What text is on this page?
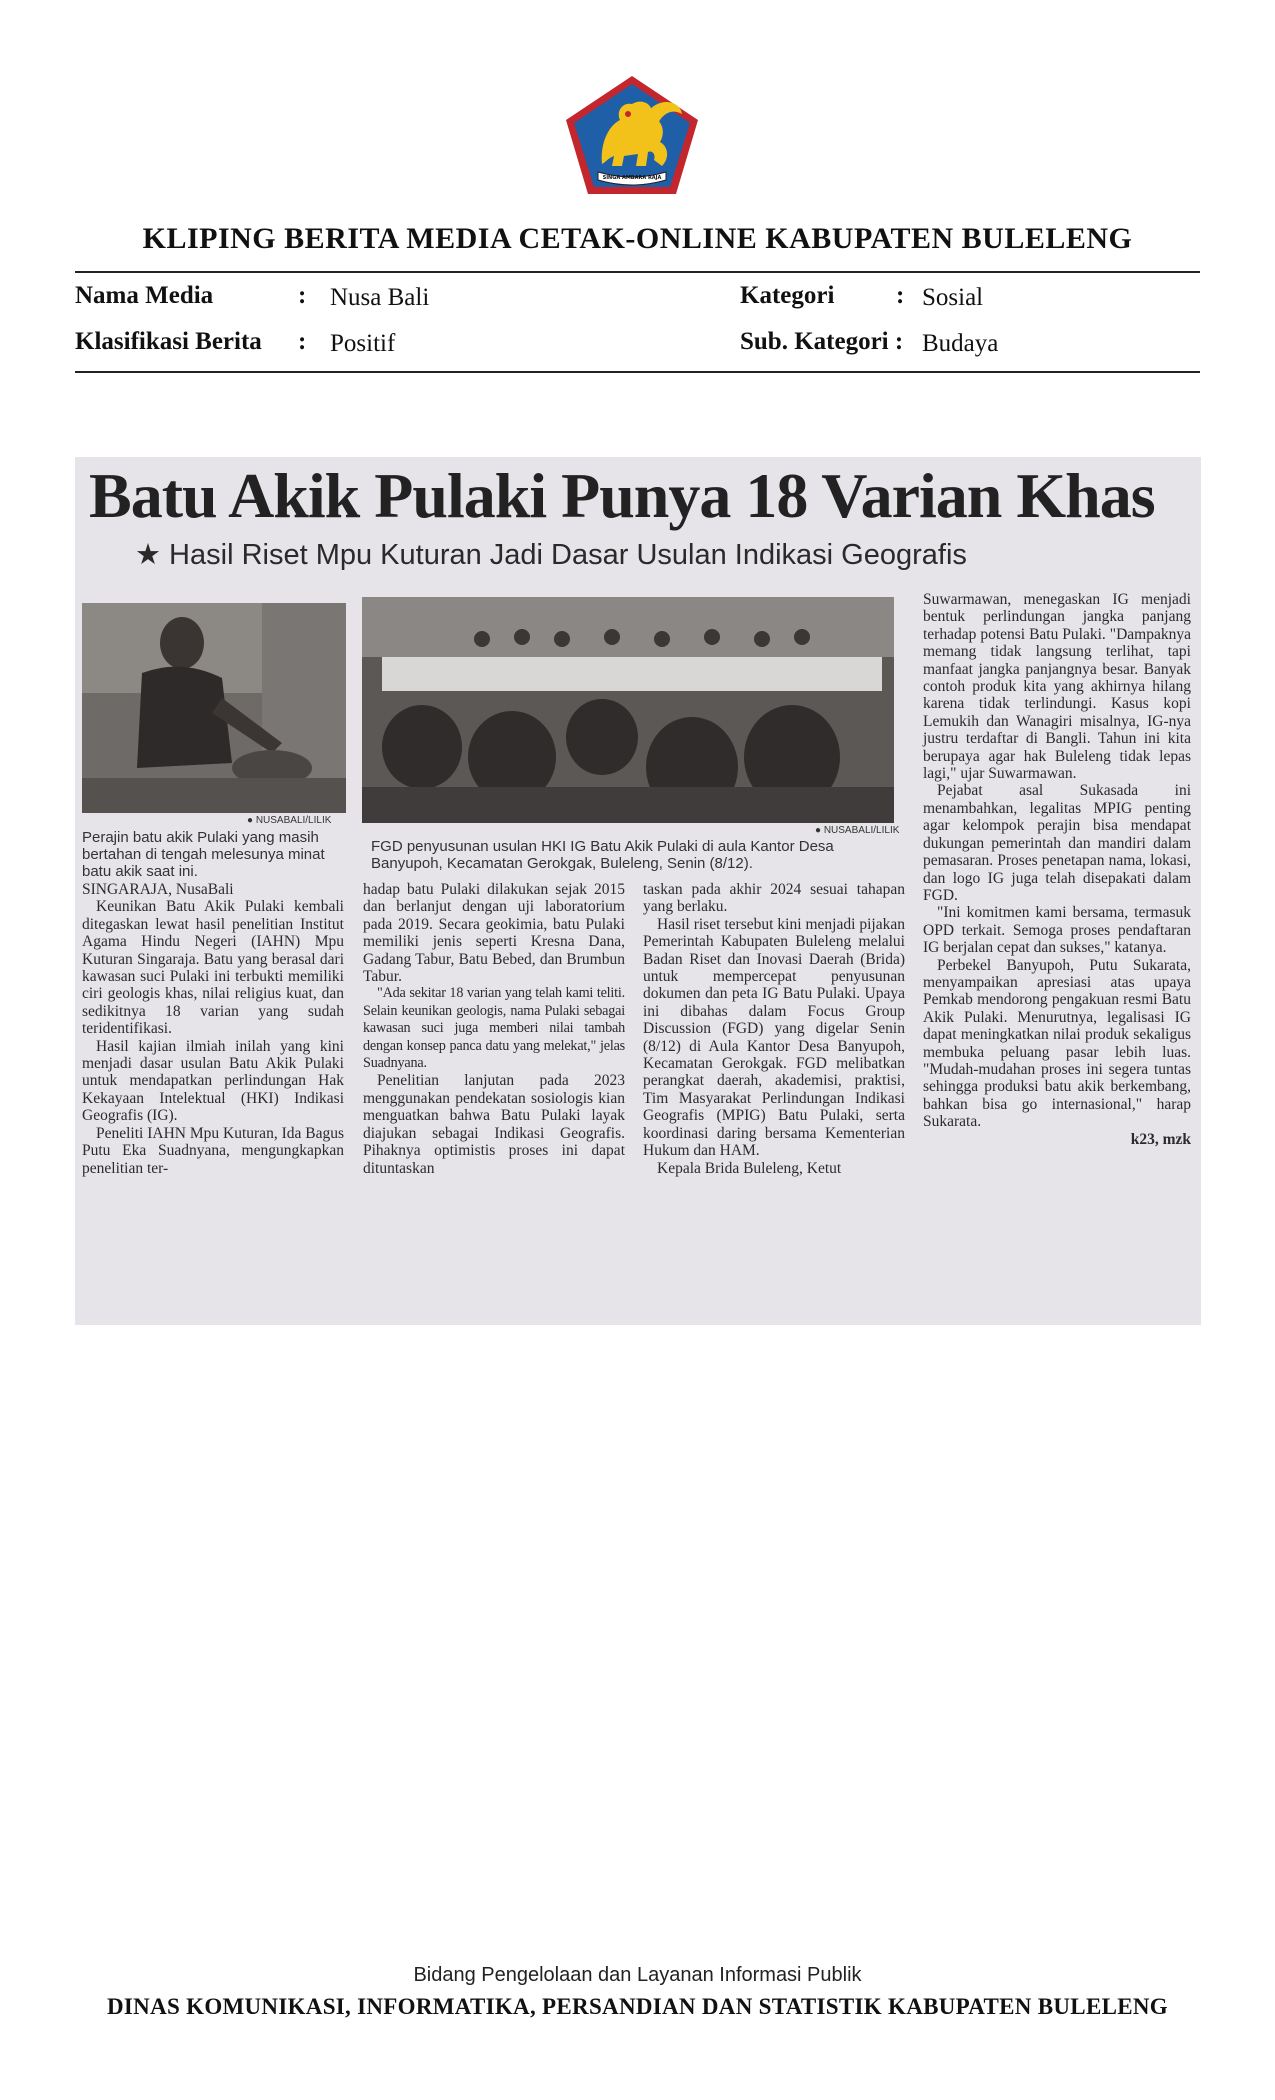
SINGA AMBARA RAJA
KLIPING BERITA MEDIA CETAK-ONLINE KABUPATEN BULELENG
Nama Media	: Nusa Bali	Kategori : Sosial
Klasifikasi Berita : Positif	Sub. Kategori : Budaya
Batu Akik Pulaki Punya 18 Varian Khas
★ Hasil Riset Mpu Kuturan Jadi Dasar Usulan Indikasi Geografis
● NUSABALI/LILIK
Perajin batu akik Pulaki yang masih bertahan di tengah melesunya minat batu akik saat ini.
● NUSABALI/LILIK
FGD penyusunan usulan HKI IG Batu Akik Pulaki di aula Kantor Desa Banyupoh, Kecamatan Gerokgak, Buleleng, Senin (8/12).

SINGARAJA, NusaBali

Keunikan Batu Akik Pulaki kembali ditegaskan lewat hasil penelitian Institut Agama Hindu Negeri (IAHN) Mpu Kuturan Singaraja. Batu yang berasal dari kawasan suci Pulaki ini terbukti memiliki ciri geologis khas, nilai religius kuat, dan sedikitnya 18 varian yang sudah teridentifikasi.

Hasil kajian ilmiah inilah yang kini menjadi dasar usulan Batu Akik Pulaki untuk mendapatkan perlindungan Hak Kekayaan Intelektual (HKI) Indikasi Geografis (IG).

Peneliti IAHN Mpu Kuturan, Ida Bagus Putu Eka Suadnyana, mengungkapkan penelitian ter-

hadap batu Pulaki dilakukan sejak 2015 dan berlanjut dengan uji laboratorium pada 2019. Secara geokimia, batu Pulaki memiliki jenis seperti Kresna Dana, Gadang Tabur, Batu Bebed, dan Brumbun Tabur.

"Ada sekitar 18 varian yang telah kami teliti. Selain keunikan geologis, nama Pulaki sebagai kawasan suci juga memberi nilai tambah dengan konsep panca datu yang melekat," jelas Suadnyana.

Penelitian lanjutan pada 2023 menggunakan pendekatan sosiologis kian menguatkan bahwa Batu Pulaki layak diajukan sebagai Indikasi Geografis. Pihaknya optimistis proses ini dapat dituntaskan

taskan pada akhir 2024 sesuai tahapan yang berlaku.

Hasil riset tersebut kini menjadi pijakan Pemerintah Kabupaten Buleleng melalui Badan Riset dan Inovasi Daerah (Brida) untuk mempercepat penyusunan dokumen dan peta IG Batu Pulaki. Upaya ini dibahas dalam Focus Group Discussion (FGD) yang digelar Senin (8/12) di Aula Kantor Desa Banyupoh, Kecamatan Gerokgak. FGD melibatkan perangkat daerah, akademisi, praktisi, Tim Masyarakat Perlindungan Indikasi Geografis (MPIG) Batu Pulaki, serta koordinasi daring bersama Kementerian Hukum dan HAM.

Kepala Brida Buleleng, Ketut

Suwarmawan, menegaskan IG menjadi bentuk perlindungan jangka panjang terhadap potensi Batu Pulaki. "Dampaknya memang tidak langsung terlihat, tapi manfaat jangka panjangnya besar. Banyak contoh produk kita yang akhirnya hilang karena tidak terlindungi. Kasus kopi Lemukih dan Wanagiri misalnya, IG-nya justru terdaftar di Bangli. Tahun ini kita berupaya agar hak Buleleng tidak lepas lagi," ujar Suwarmawan.

Pejabat asal Sukasada ini menambahkan, legalitas MPIG penting agar kelompok perajin bisa mendapat dukungan pemerintah dan mandiri dalam pemasaran. Proses penetapan nama, lokasi, dan logo IG juga telah disepakati dalam FGD.

"Ini komitmen kami bersama, termasuk OPD terkait. Semoga proses pendaftaran IG berjalan cepat dan sukses," katanya.

Perbekel Banyupoh, Putu Sukarata, menyampaikan apresiasi atas upaya Pemkab mendorong pengakuan resmi Batu Akik Pulaki. Menurutnya, legalisasi IG dapat meningkatkan nilai produk sekaligus membuka peluang pasar lebih luas. "Mudah-mudahan proses ini segera tuntas sehingga produksi batu akik berkembang, bahkan bisa go internasional," harap Sukarata.

k23, mzk

Bidang Pengelolaan dan Layanan Informasi Publik
DINAS KOMUNIKASI, INFORMATIKA, PERSANDIAN DAN STATISTIK KABUPATEN BULELENG
